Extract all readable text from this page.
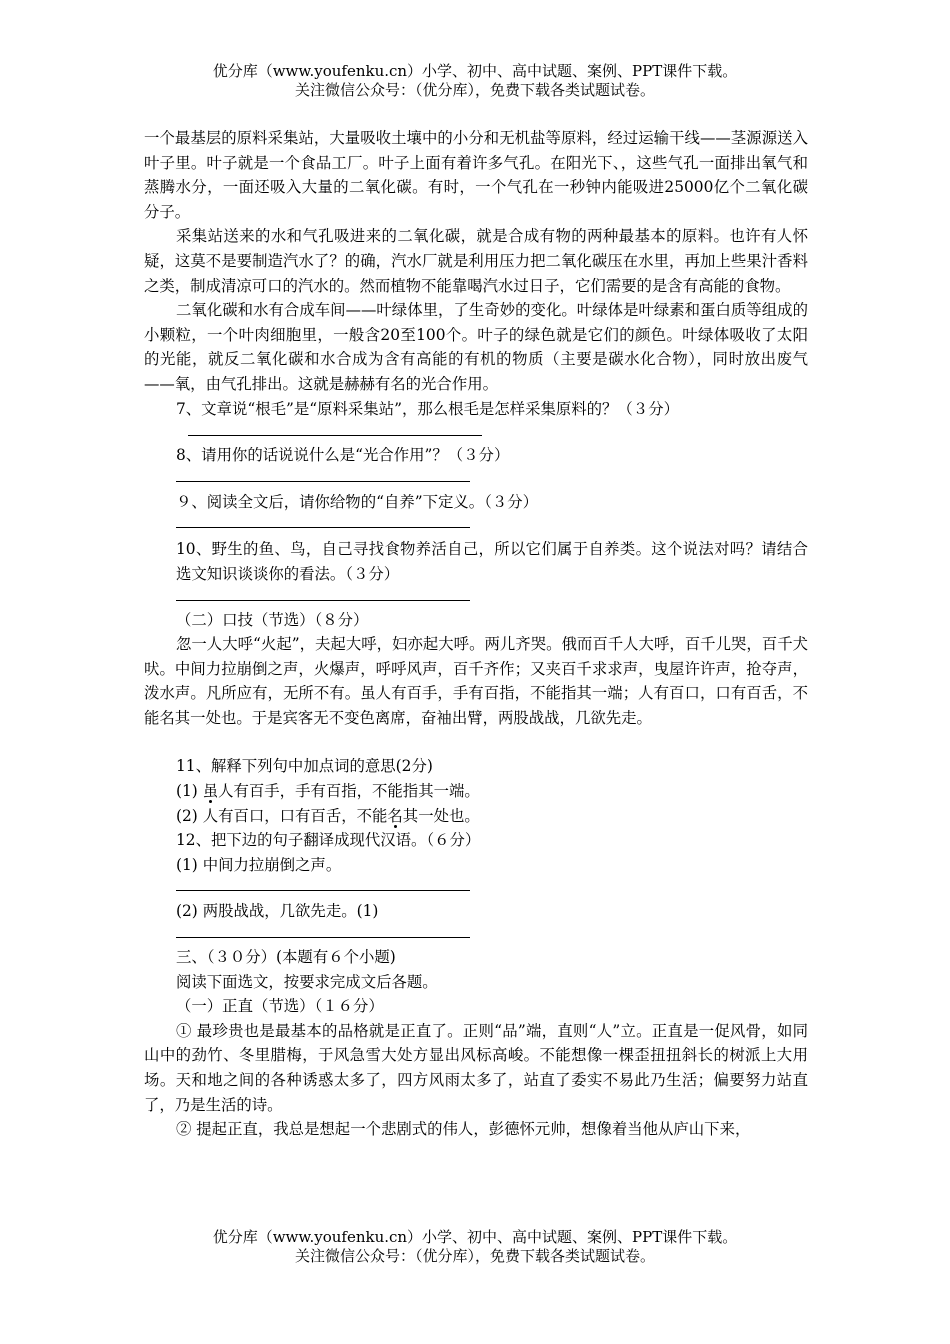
优分库（www.youfenku.cn）小学、初中、高中试题、案例、PPT课件下载。
关注微信公众号：（优分库），免费下载各类试题试卷。

一个最基层的原料采集站，大量吸收土壤中的小分和无机盐等原料，经过运输干线——茎源源送入叶子里。叶子就是一个食品工厂。叶子上面有着许多气孔。在阳光下、，这些气孔一面排出氧气和蒸腾水分，一面还吸入大量的二氧化碳。有时，一个气孔在一秒钟内能吸进25000亿个二氧化碳分子。

采集站送来的水和气孔吸进来的二氧化碳，就是合成有物的两种最基本的原料。也许有人怀疑，这莫不是要制造汽水了？的确，汽水厂就是利用压力把二氧化碳压在水里，再加上些果汁香料之类，制成清凉可口的汽水的。然而植物不能靠喝汽水过日子，它们需要的是含有高能的食物。

二氧化碳和水有合成车间——叶绿体里，了生奇妙的变化。叶绿体是叶绿素和蛋白质等组成的小颗粒，一个叶肉细胞里，一般含20至100个。叶子的绿色就是它们的颜色。叶绿体吸收了太阳的光能，就反二氧化碳和水合成为含有高能的有机的物质（主要是碳水化合物），同时放出废气——氧，由气孔排出。这就是赫赫有名的光合作用。

7、文章说“根毛”是“原料采集站”，那么根毛是怎样采集原料的？（３分）

8、请用你的话说说什么是“光合作用”？（３分）

９、阅读全文后，请你给物的“自养”下定义。（３分）

10、野生的鱼、鸟，自己寻找食物养活自己，所以它们属于自养类。这个说法对吗？请结合选文知识谈谈你的看法。（３分）

（二）口技（节选）（８分）

忽一人大呼“火起”，夫起大呼，妇亦起大呼。两儿齐哭。俄而百千人大呼，百千儿哭，百千犬吠。中间力拉崩倒之声，火爆声，呼呼风声，百千齐作；又夹百千求求声，曳屋许许声，抢夺声，泼水声。凡所应有，无所不有。虽人有百手，手有百指，不能指其一端；人有百口，口有百舌，不能名其一处也。于是宾客无不变色离席，奋袖出臂，两股战战，几欲先走。

11、解释下列句中加点词的意思(2分)

(1) 虽人有百手，手有百指，不能指其一端。

(2) 人有百口，口有百舌，不能名其一处也。

12、把下边的句子翻译成现代汉语。（６分）

(1) 中间力拉崩倒之声。

(2) 两股战战，几欲先走。(1)

三、（３０分）(本题有６个小题)

阅读下面选文，按要求完成文后各题。

（一）正直（节选）（１６分）

① 最珍贵也是最基本的品格就是正直了。正则“品”端，直则“人”立。正直是一促风骨，如同山中的劲竹、冬里腊梅，于风急雪大处方显出风标高峻。不能想像一棵歪扭扭斜长的树派上大用场。天和地之间的各种诱惑太多了，四方风雨太多了，站直了委实不易此乃生活；偏要努力站直了，乃是生活的诗。

② 提起正直，我总是想起一个悲剧式的伟人，彭德怀元帅，想像着当他从庐山下来，

优分库（www.youfenku.cn）小学、初中、高中试题、案例、PPT课件下载。
关注微信公众号：（优分库），免费下载各类试题试卷。
